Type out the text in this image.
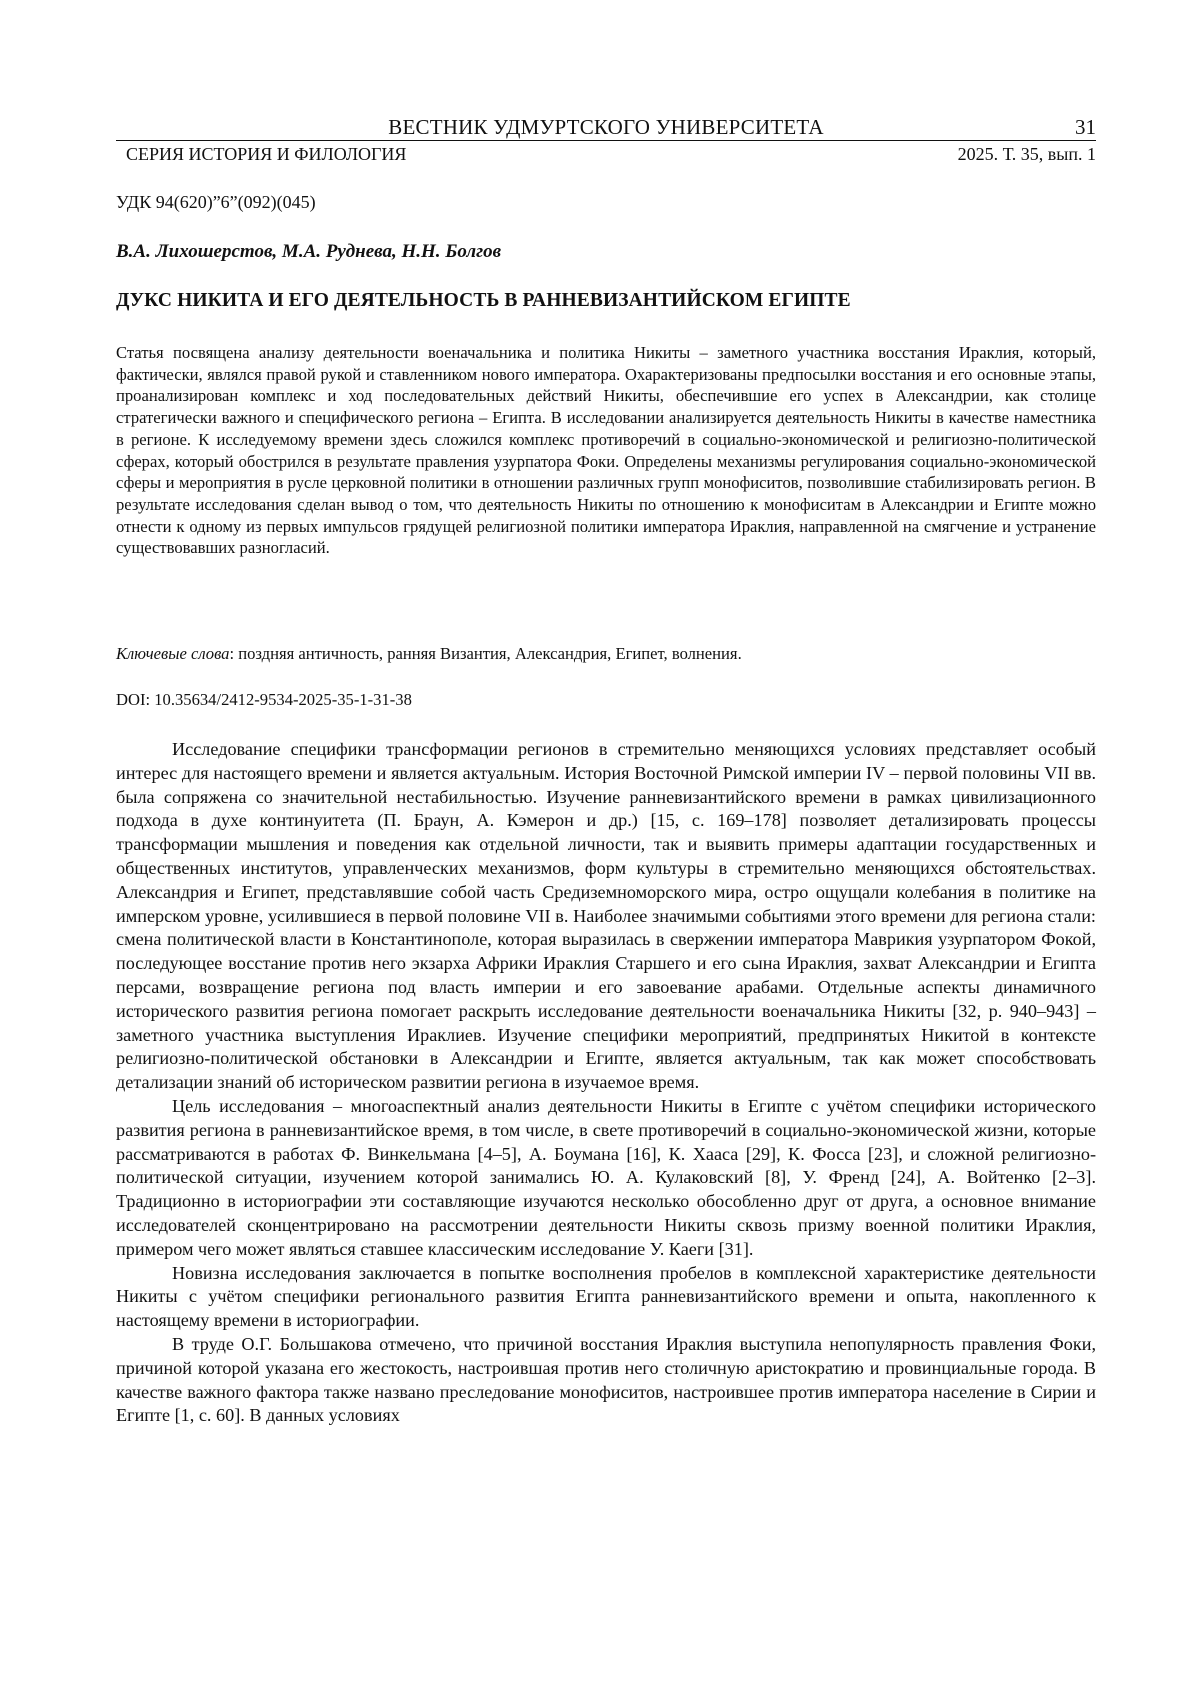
ВЕСТНИК УДМУРТСКОГО УНИВЕРСИТЕТА	31
СЕРИЯ ИСТОРИЯ И ФИЛОЛОГИЯ	2025. Т. 35, вып. 1
УДК 94(620)”6”(092)(045)
В.А. Лихошерстов, М.А. Руднева, Н.Н. Болгов
ДУКС НИКИТА И ЕГО ДЕЯТЕЛЬНОСТЬ В РАННЕВИЗАНТИЙСКОМ ЕГИПТЕ

Статья посвящена анализу деятельности военачальника и политика Никиты – заметного участника восстания Ираклия, который, фактически, являлся правой рукой и ставленником нового императора. Охарактеризованы предпосылки восстания и его основные этапы, проанализирован комплекс и ход последовательных действий Никиты, обеспечившие его успех в Александрии, как столице стратегически важного и специфического региона – Египта. В исследовании анализируется деятельность Никиты в качестве наместника в регионе. К исследуемому времени здесь сложился комплекс противоречий в социально-экономической и религиозно-политической сферах, который обострился в результате правления узурпатора Фоки. Определены механизмы регулирования социально-экономической сферы и мероприятия в русле церковной политики в отношении различных групп монофиситов, позволившие стабилизировать регион. В результате исследования сделан вывод о том, что деятельность Никиты по отношению к монофиситам в Александрии и Египте можно отнести к одному из первых импульсов грядущей религиозной политики императора Ираклия, направленной на смягчение и устранение существовавших разногласий.

Ключевые слова: поздняя античность, ранняя Византия, Александрия, Египет, волнения.
DOI: 10.35634/2412-9534-2025-35-1-31-38

Исследование специфики трансформации регионов в стремительно меняющихся условиях представляет особый интерес для настоящего времени и является актуальным. История Восточной Римской империи IV – первой половины VII вв. была сопряжена со значительной нестабильностью. Изучение ранневизантийского времени в рамках цивилизационного подхода в духе континуитета (П. Браун, А. Кэмерон и др.) [15, с. 169–178] позволяет детализировать процессы трансформации мышления и поведения как отдельной личности, так и выявить примеры адаптации государственных и общественных институтов, управленческих механизмов, форм культуры в стремительно меняющихся обстоятельствах. Александрия и Египет, представлявшие собой часть Средиземноморского мира, остро ощущали колебания в политике на имперском уровне, усилившиеся в первой половине VII в. Наиболее значимыми событиями этого времени для региона стали: смена политической власти в Константинополе, которая выразилась в свержении императора Маврикия узурпатором Фокой, последующее восстание против него экзарха Африки Ираклия Старшего и его сына Ираклия, захват Александрии и Египта персами, возвращение региона под власть империи и его завоевание арабами. Отдельные аспекты динамичного исторического развития региона помогает раскрыть исследование деятельности военачальника Никиты [32, p. 940–943] – заметного участника выступления Ираклиев. Изучение специфики мероприятий, предпринятых Никитой в контексте религиозно-политической обстановки в Александрии и Египте, является актуальным, так как может способствовать детализации знаний об историческом развитии региона в изучаемое время.

Цель исследования – многоаспектный анализ деятельности Никиты в Египте с учётом специфики исторического развития региона в ранневизантийское время, в том числе, в свете противоречий в социально-экономической жизни, которые рассматриваются в работах Ф. Винкельмана [4–5], А. Боумана [16], К. Хааса [29], К. Фосса [23], и сложной религиозно-политической ситуации, изучением которой занимались Ю. А. Кулаковский [8], У. Френд [24], А. Войтенко [2–3]. Традиционно в историографии эти составляющие изучаются несколько обособленно друг от друга, а основное внимание исследователей сконцентрировано на рассмотрении деятельности Никиты сквозь призму военной политики Ираклия, примером чего может являться ставшее классическим исследование У. Каеги [31].

Новизна исследования заключается в попытке восполнения пробелов в комплексной характеристике деятельности Никиты с учётом специфики регионального развития Египта ранневизантийского времени и опыта, накопленного к настоящему времени в историографии.

В труде О.Г. Большакова отмечено, что причиной восстания Ираклия выступила непопулярность правления Фоки, причиной которой указана его жестокость, настроившая против него столичную аристократию и провинциальные города. В качестве важного фактора также названо преследование монофиситов, настроившее против императора население в Сирии и Египте [1, с. 60]. В данных условиях
